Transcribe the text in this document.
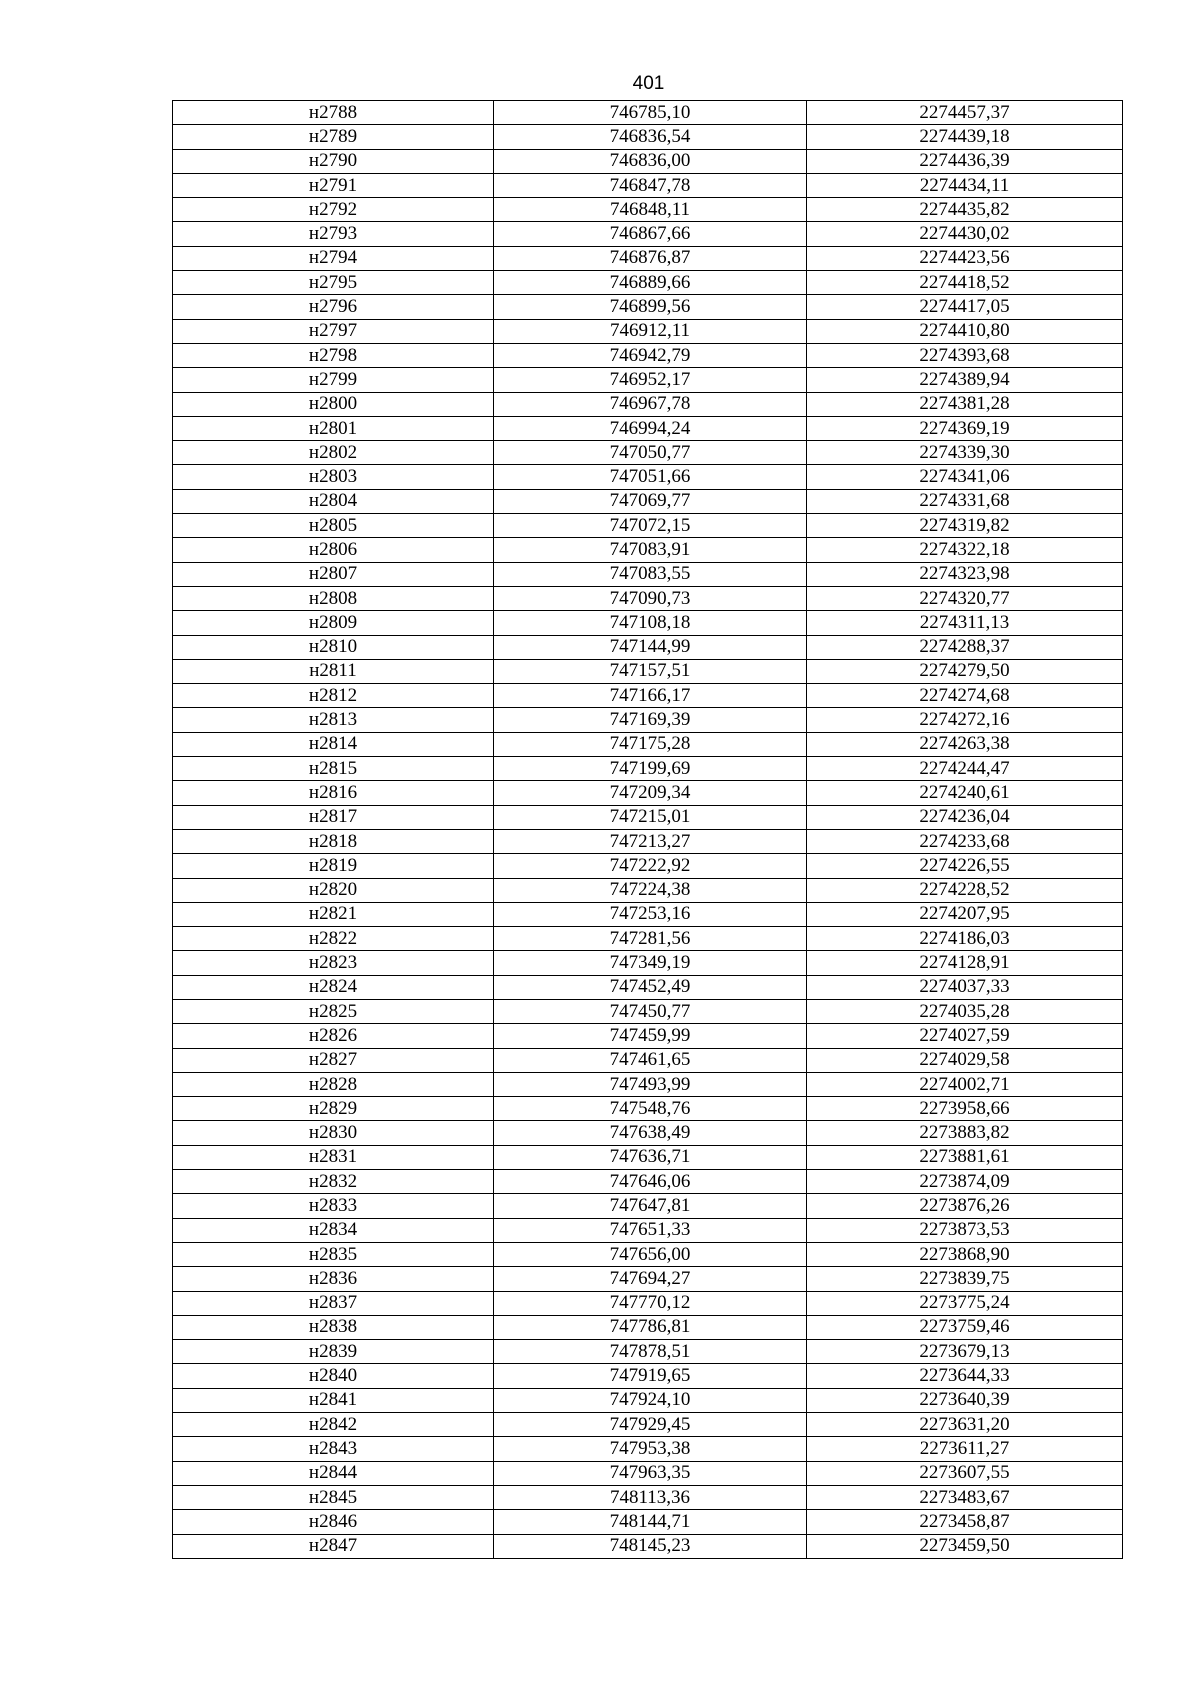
401
н2788	746785,10	2274457,37
н2789	746836,54	2274439,18
н2790	746836,00	2274436,39
н2791	746847,78	2274434,11
н2792	746848,11	2274435,82
н2793	746867,66	2274430,02
н2794	746876,87	2274423,56
н2795	746889,66	2274418,52
н2796	746899,56	2274417,05
н2797	746912,11	2274410,80
н2798	746942,79	2274393,68
н2799	746952,17	2274389,94
н2800	746967,78	2274381,28
н2801	746994,24	2274369,19
н2802	747050,77	2274339,30
н2803	747051,66	2274341,06
н2804	747069,77	2274331,68
н2805	747072,15	2274319,82
н2806	747083,91	2274322,18
н2807	747083,55	2274323,98
н2808	747090,73	2274320,77
н2809	747108,18	2274311,13
н2810	747144,99	2274288,37
н2811	747157,51	2274279,50
н2812	747166,17	2274274,68
н2813	747169,39	2274272,16
н2814	747175,28	2274263,38
н2815	747199,69	2274244,47
н2816	747209,34	2274240,61
н2817	747215,01	2274236,04
н2818	747213,27	2274233,68
н2819	747222,92	2274226,55
н2820	747224,38	2274228,52
н2821	747253,16	2274207,95
н2822	747281,56	2274186,03
н2823	747349,19	2274128,91
н2824	747452,49	2274037,33
н2825	747450,77	2274035,28
н2826	747459,99	2274027,59
н2827	747461,65	2274029,58
н2828	747493,99	2274002,71
н2829	747548,76	2273958,66
н2830	747638,49	2273883,82
н2831	747636,71	2273881,61
н2832	747646,06	2273874,09
н2833	747647,81	2273876,26
н2834	747651,33	2273873,53
н2835	747656,00	2273868,90
н2836	747694,27	2273839,75
н2837	747770,12	2273775,24
н2838	747786,81	2273759,46
н2839	747878,51	2273679,13
н2840	747919,65	2273644,33
н2841	747924,10	2273640,39
н2842	747929,45	2273631,20
н2843	747953,38	2273611,27
н2844	747963,35	2273607,55
н2845	748113,36	2273483,67
н2846	748144,71	2273458,87
н2847	748145,23	2273459,50
